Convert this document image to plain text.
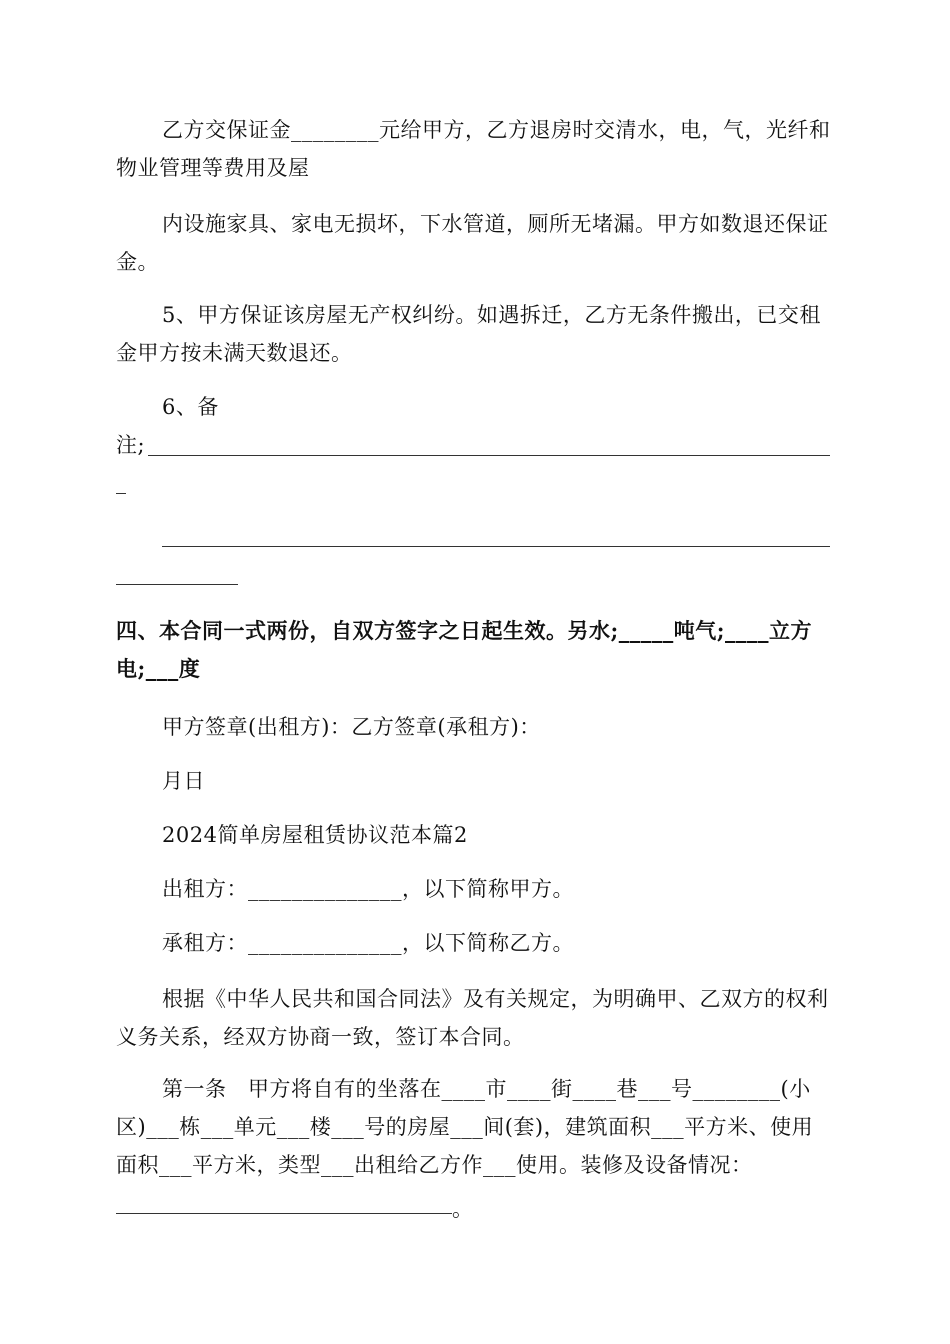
乙方交保证金________元给甲方，乙方退房时交清水，电，气，光纤和物业管理等费用及屋

内设施家具、家电无损坏，下水管道，厕所无堵漏。甲方如数退还保证金。

5、甲方保证该房屋无产权纠纷。如遇拆迁，乙方无条件搬出，已交租金甲方按未满天数退还。

6、备

注;

四、本合同一式两份，自双方签字之日起生效。另水;_____吨气;____立方电;___度

甲方签章(出租方)：乙方签章(承租方)：

月日

2024简单房屋租赁协议范本篇2

出租方：______________，以下简称甲方。

承租方：______________，以下简称乙方。

根据《中华人民共和国合同法》及有关规定，为明确甲、乙双方的权利义务关系，经双方协商一致，签订本合同。

第一条　甲方将自有的坐落在____市____街____巷___号________(小区)___栋___单元___楼___号的房屋___间(套)，建筑面积___平方米、使用面积___平方米，类型___出租给乙方作___使用。装修及设备情况：

。
